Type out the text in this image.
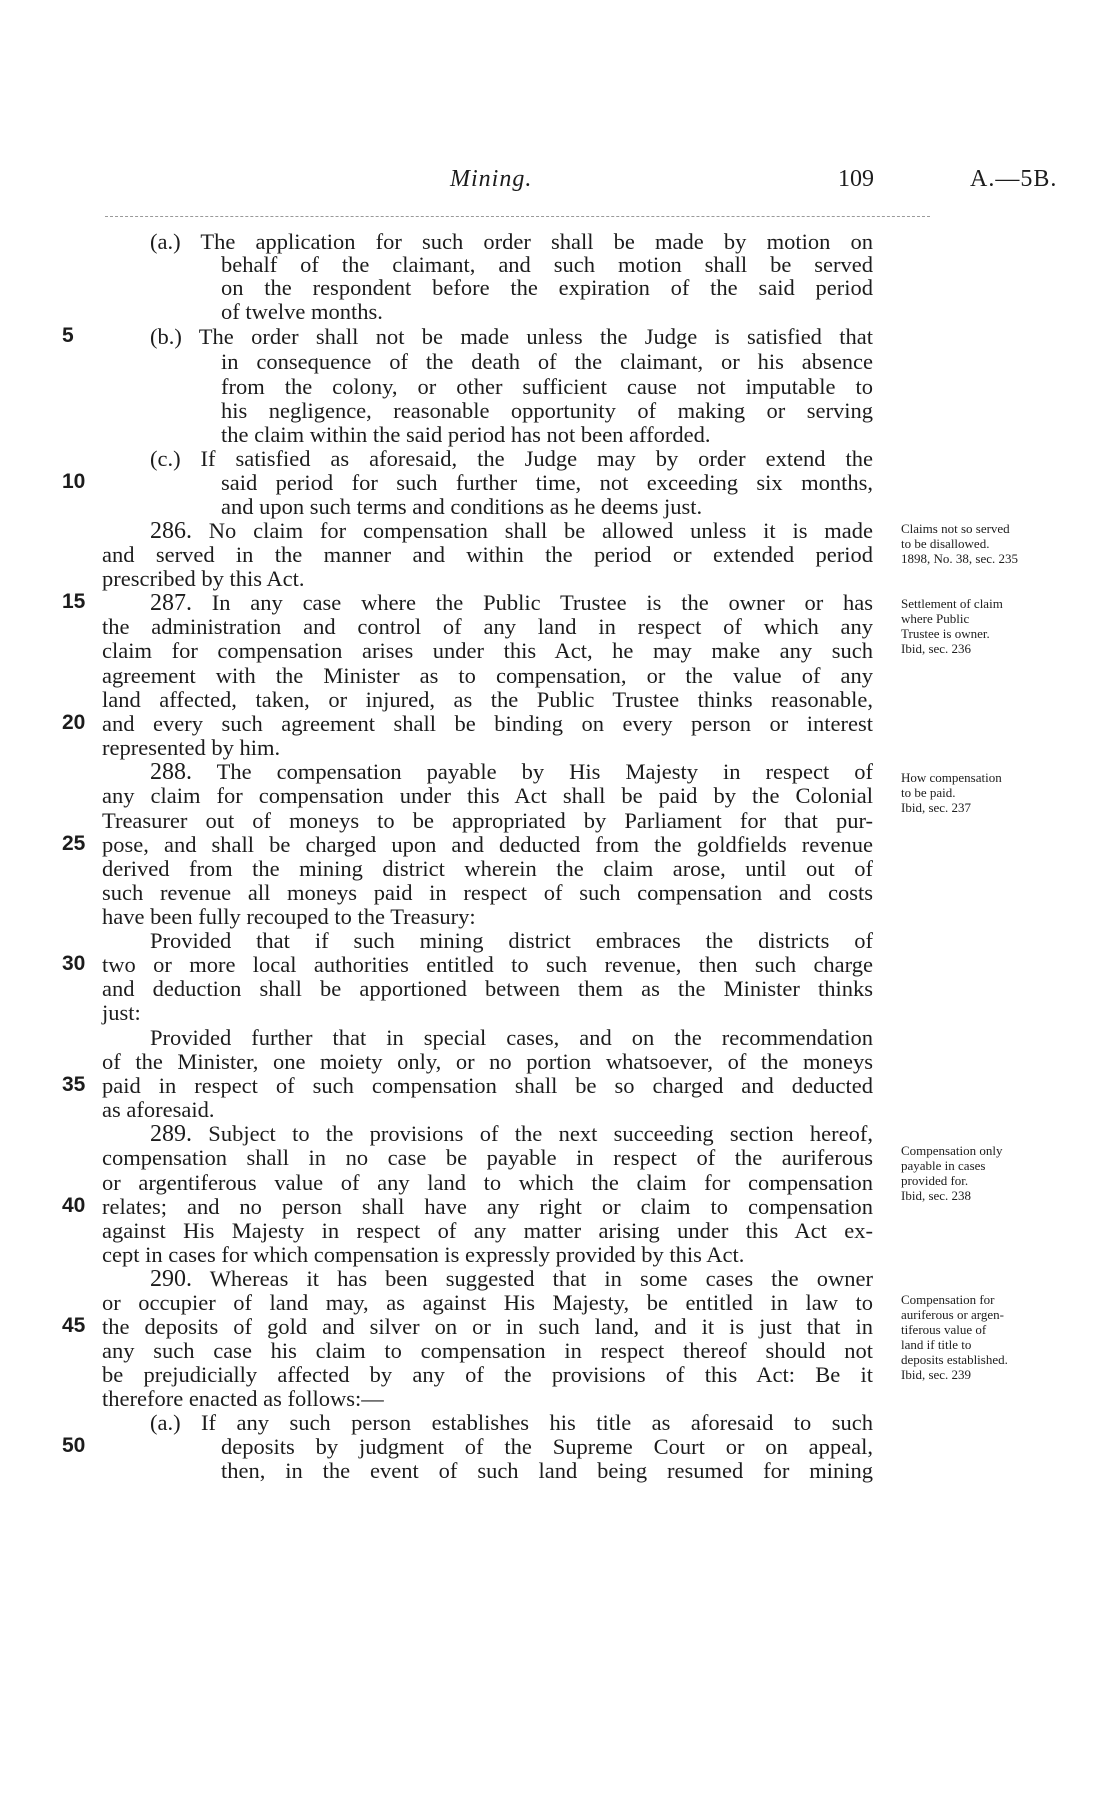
Mining.	109	A.—5B.
5
10
15
20
25
30
35
40
45
50
(a.) The application for such order shall be made by motion on
behalf of the claimant, and such motion shall be served
on the respondent before the expiration of the said period
of twelve months.
(b.) The order shall not be made unless the Judge is satisfied that
in consequence of the death of the claimant, or his absence
from the colony, or other sufficient cause not imputable to
his negligence, reasonable opportunity of making or serving
the claim within the said period has not been afforded.
(c.) If satisfied as aforesaid, the Judge may by order extend the
said period for such further time, not exceeding six months,
and upon such terms and conditions as he deems just.
286. No claim for compensation shall be allowed unless it is made
and served in the manner and within the period or extended period
prescribed by this Act.
287. In any case where the Public Trustee is the owner or has
the administration and control of any land in respect of which any
claim for compensation arises under this Act, he may make any such
agreement with the Minister as to compensation, or the value of any
land affected, taken, or injured, as the Public Trustee thinks reasonable,
and every such agreement shall be binding on every person or interest
represented by him.
288. The compensation payable by His Majesty in respect of
any claim for compensation under this Act shall be paid by the Colonial
Treasurer out of moneys to be appropriated by Parliament for that pur-
pose, and shall be charged upon and deducted from the goldfields revenue
derived from the mining district wherein the claim arose, until out of
such revenue all moneys paid in respect of such compensation and costs
have been fully recouped to the Treasury:
Provided that if such mining district embraces the districts of
two or more local authorities entitled to such revenue, then such charge
and deduction shall be apportioned between them as the Minister thinks
just:
Provided further that in special cases, and on the recommendation
of the Minister, one moiety only, or no portion whatsoever, of the moneys
paid in respect of such compensation shall be so charged and deducted
as aforesaid.
289. Subject to the provisions of the next succeeding section hereof,
compensation shall in no case be payable in respect of the auriferous
or argentiferous value of any land to which the claim for compensation
relates; and no person shall have any right or claim to compensation
against His Majesty in respect of any matter arising under this Act ex-
cept in cases for which compensation is expressly provided by this Act.
290. Whereas it has been suggested that in some cases the owner
or occupier of land may, as against His Majesty, be entitled in law to
the deposits of gold and silver on or in such land, and it is just that in
any such case his claim to compensation in respect thereof should not
be prejudicially affected by any of the provisions of this Act: Be it
therefore enacted as follows:—
(a.) If any such person establishes his title as aforesaid to such
deposits by judgment of the Supreme Court or on appeal,
then, in the event of such land being resumed for mining
Claims not so served
to be disallowed.
1898, No. 38, sec. 235
Settlement of claim
where Public
Trustee is owner.
Ibid, sec. 236
How compensation
to be paid.
Ibid, sec. 237
Compensation only
payable in cases
provided for.
Ibid, sec. 238
Compensation for
auriferous or argen-
tiferous value of
land if title to
deposits established.
Ibid, sec. 239
